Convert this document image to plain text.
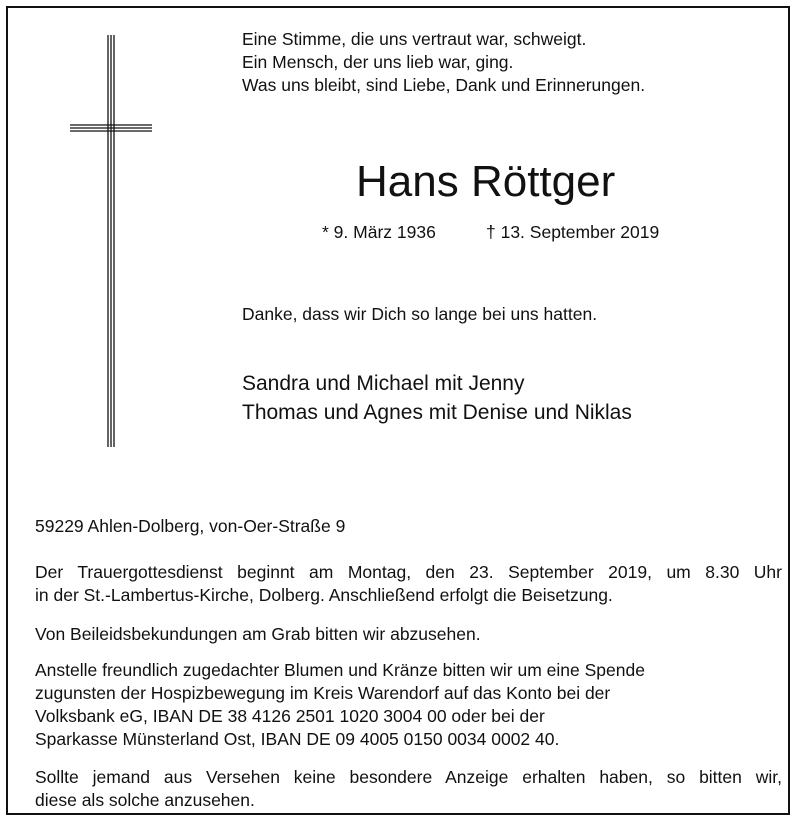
Eine Stimme, die uns vertraut war, schweigt.
Ein Mensch, der uns lieb war, ging.
Was uns bleibt, sind Liebe, Dank und Erinnerungen.
Hans Röttger
* 9. März 1936	† 13. September 2019
Danke, dass wir Dich so lange bei uns hatten.
Sandra und Michael mit Jenny
Thomas und Agnes mit Denise und Niklas
59229 Ahlen-Dolberg, von-Oer-Straße 9
Der Trauergottesdienst beginnt am Montag, den 23. September 2019, um 8.30 Uhr
in der St.-Lambertus-Kirche, Dolberg. Anschließend erfolgt die Beisetzung.
Von Beileidsbekundungen am Grab bitten wir abzusehen.
Anstelle freundlich zugedachter Blumen und Kränze bitten wir um eine Spende
zugunsten der Hospizbewegung im Kreis Warendorf auf das Konto bei der
Volksbank eG, IBAN DE 38 4126 2501 1020 3004 00 oder bei der
Sparkasse Münsterland Ost, IBAN DE 09 4005 0150 0034 0002 40.
Sollte jemand aus Versehen keine besondere Anzeige erhalten haben, so bitten wir,
diese als solche anzusehen.
